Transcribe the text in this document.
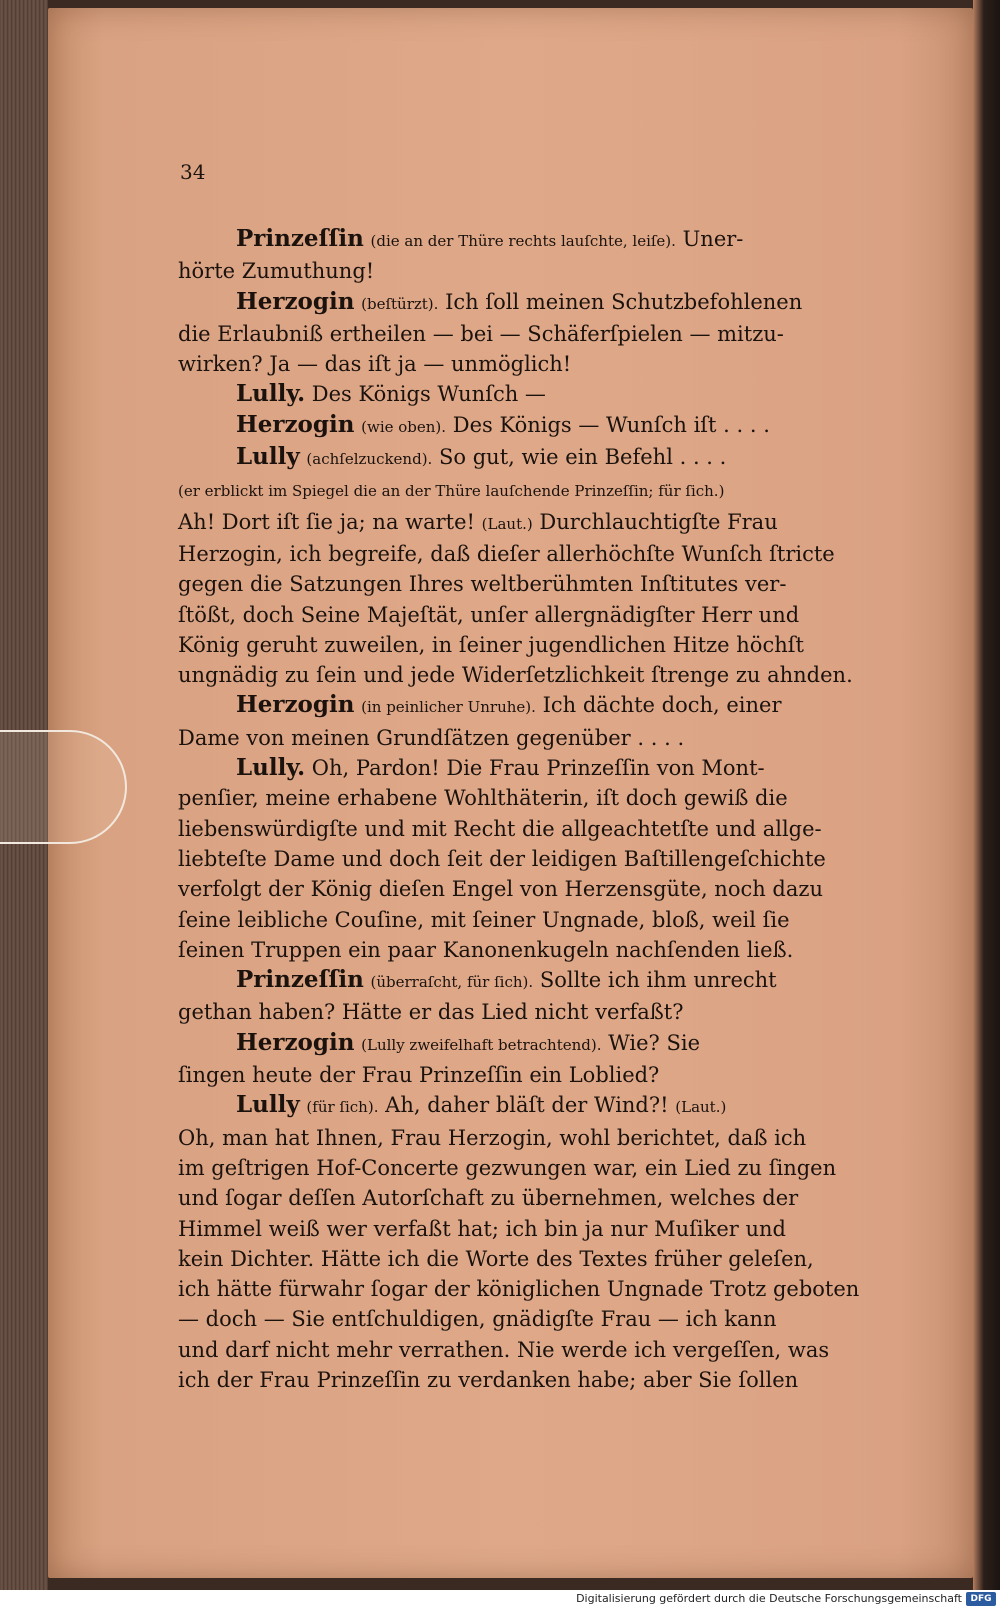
34
Prinzeſſin (die an der Thüre rechts lauſchte, leiſe). Uner-
hörte Zumuthung!
Herzogin (beſtürzt). Ich ſoll meinen Schutzbefohlenen
die Erlaubniß ertheilen — bei — Schäferſpielen — mitzu-
wirken? Ja — das iſt ja — unmöglich!
Lully. Des Königs Wunſch —
Herzogin (wie oben). Des Königs — Wunſch iſt . . . .
Lully (achſelzuckend). So gut, wie ein Befehl . . . .
(er erblickt im Spiegel die an der Thüre lauſchende Prinzeſſin; für ſich.)
Ah! Dort iſt ſie ja; na warte! (Laut.) Durchlauchtigſte Frau
Herzogin, ich begreife, daß dieſer allerhöchſte Wunſch ſtricte
gegen die Satzungen Ihres weltberühmten Inſtitutes ver-
ſtößt, doch Seine Majeſtät, unſer allergnädigſter Herr und
König geruht zuweilen, in ſeiner jugendlichen Hitze höchſt
ungnädig zu ſein und jede Widerſetzlichkeit ſtrenge zu ahnden.
Herzogin (in peinlicher Unruhe). Ich dächte doch, einer
Dame von meinen Grundſätzen gegenüber . . . .
Lully. Oh, Pardon! Die Frau Prinzeſſin von Mont-
penſier, meine erhabene Wohlthäterin, iſt doch gewiß die
liebenswürdigſte und mit Recht die allgeachtetſte und allge-
liebteſte Dame und doch ſeit der leidigen Baſtillengeſchichte
verfolgt der König dieſen Engel von Herzensgüte, noch dazu
ſeine leibliche Couſine, mit ſeiner Ungnade, bloß, weil ſie
ſeinen Truppen ein paar Kanonenkugeln nachſenden ließ.
Prinzeſſin (überraſcht, für ſich). Sollte ich ihm unrecht
gethan haben? Hätte er das Lied nicht verfaßt?
Herzogin (Lully zweifelhaft betrachtend). Wie? Sie
ſingen heute der Frau Prinzeſſin ein Loblied?
Lully (für ſich). Ah, daher bläſt der Wind?! (Laut.)
Oh, man hat Ihnen, Frau Herzogin, wohl berichtet, daß ich
im geſtrigen Hof-Concerte gezwungen war, ein Lied zu ſingen
und ſogar deſſen Autorſchaft zu übernehmen, welches der
Himmel weiß wer verfaßt hat; ich bin ja nur Muſiker und
kein Dichter. Hätte ich die Worte des Textes früher geleſen,
ich hätte fürwahr ſogar der königlichen Ungnade Trotz geboten
— doch — Sie entſchuldigen, gnädigſte Frau — ich kann
und darf nicht mehr verrathen. Nie werde ich vergeſſen, was
ich der Frau Prinzeſſin zu verdanken habe; aber Sie ſollen
Digitalisierung gefördert durch die Deutsche Forschungsgemeinschaft DFG
